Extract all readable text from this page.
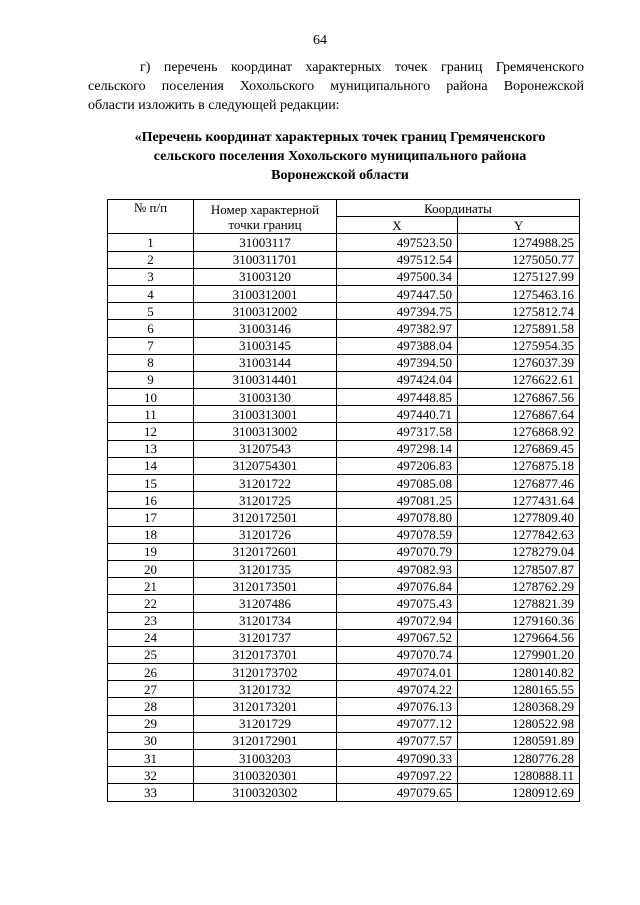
64

г) перечень координат характерных точек границ Гремяченского
сельского поселения Хохольского муниципального района Воронежской
области изложить в следующей редакции:

«Перечень координат характерных точек границ Гремяченского
сельского поселения Хохольского муниципального района
Воронежской области
№ п/п	Номер характерной
точки границ	Координаты	
		X	Y
1	31003117	497523.50	1274988.25
2	3100311701	497512.54	1275050.77
3	31003120	497500.34	1275127.99
4	3100312001	497447.50	1275463.16
5	3100312002	497394.75	1275812.74
6	31003146	497382.97	1275891.58
7	31003145	497388.04	1275954.35
8	31003144	497394.50	1276037.39
9	3100314401	497424.04	1276622.61
10	31003130	497448.85	1276867.56
11	3100313001	497440.71	1276867.64
12	3100313002	497317.58	1276868.92
13	31207543	497298.14	1276869.45
14	3120754301	497206.83	1276875.18
15	31201722	497085.08	1276877.46
16	31201725	497081.25	1277431.64
17	3120172501	497078.80	1277809.40
18	31201726	497078.59	1277842.63
19	3120172601	497070.79	1278279.04
20	31201735	497082.93	1278507.87
21	3120173501	497076.84	1278762.29
22	31207486	497075.43	1278821.39
23	31201734	497072.94	1279160.36
24	31201737	497067.52	1279664.56
25	3120173701	497070.74	1279901.20
26	3120173702	497074.01	1280140.82
27	31201732	497074.22	1280165.55
28	3120173201	497076.13	1280368.29
29	31201729	497077.12	1280522.98
30	3120172901	497077.57	1280591.89
31	31003203	497090.33	1280776.28
32	3100320301	497097.22	1280888.11
33	3100320302	497079.65	1280912.69
